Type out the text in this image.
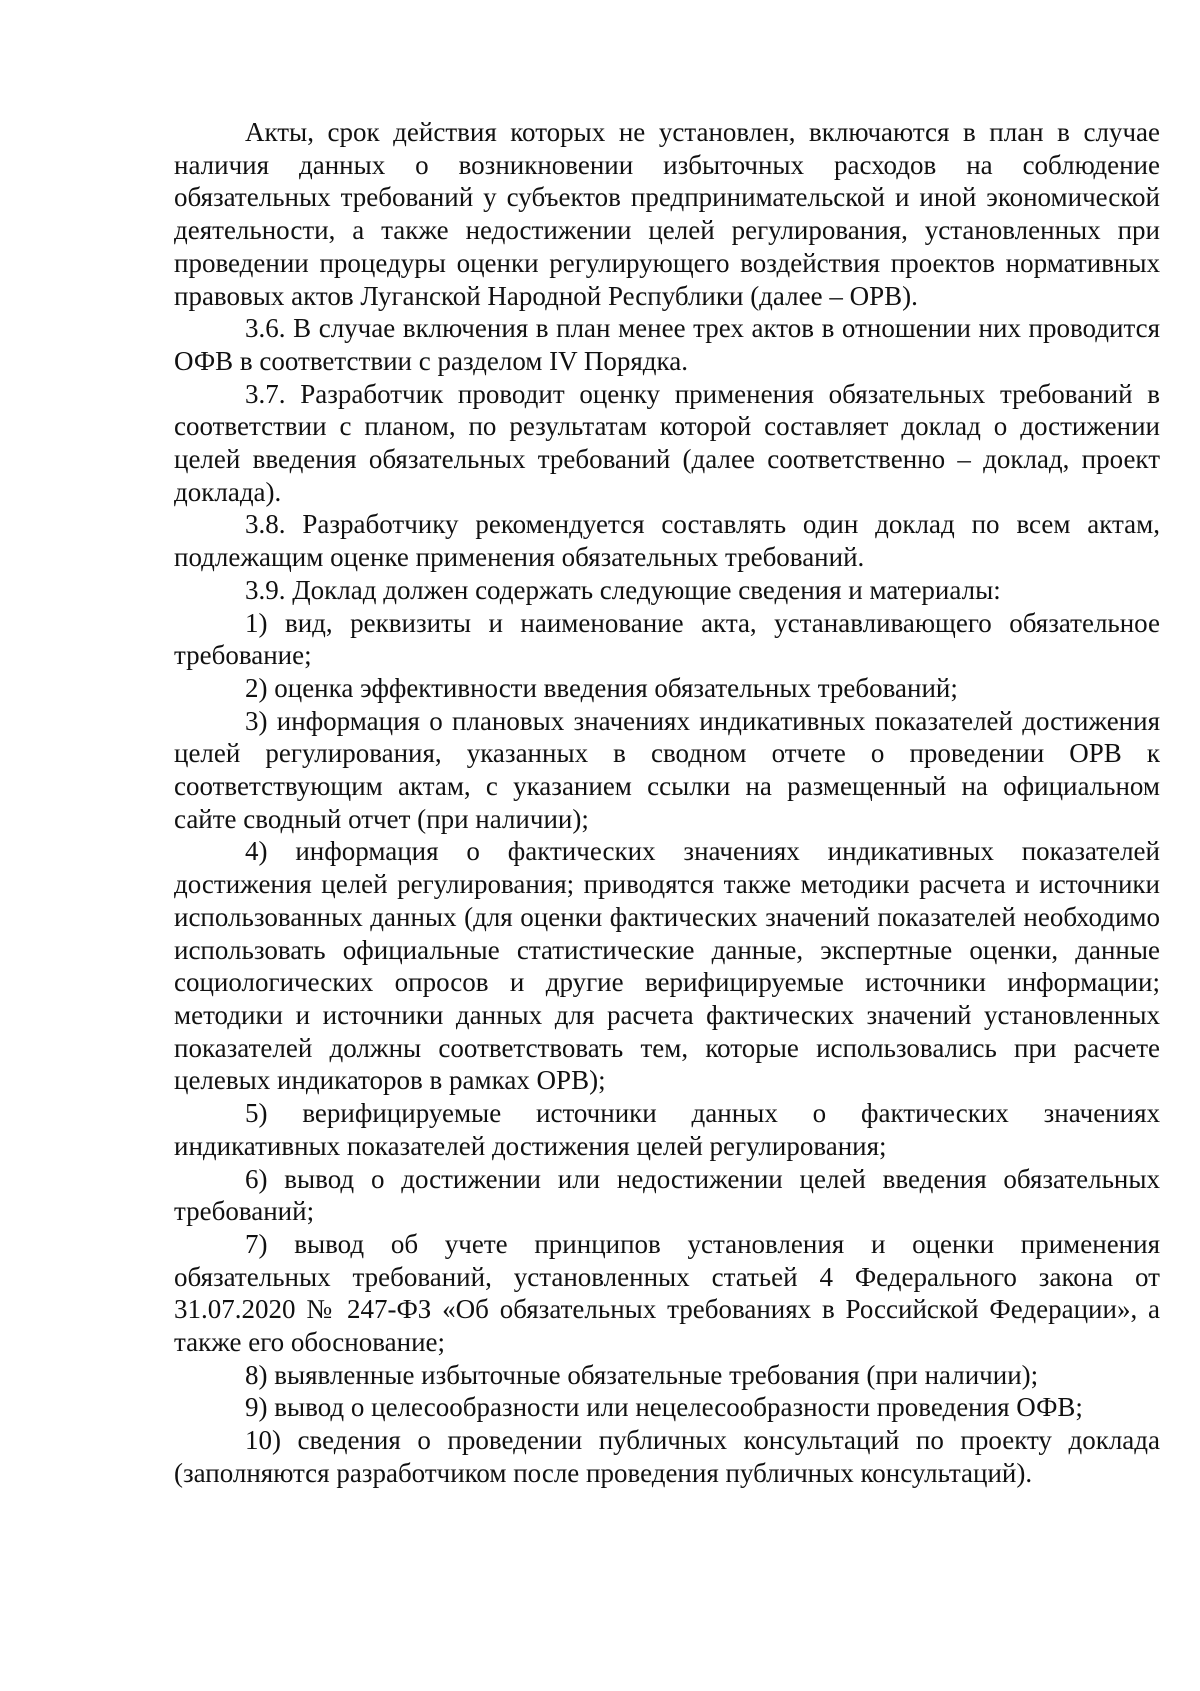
Акты, срок действия которых не установлен, включаются в план в случае наличия данных о возникновении избыточных расходов на соблюдение обязательных требований у субъектов предпринимательской и иной экономической деятельности, а также недостижении целей регулирования, установленных при проведении процедуры оценки регулирующего воздействия проектов нормативных правовых актов Луганской Народной Республики (далее – ОРВ).

3.6. В случае включения в план менее трех актов в отношении них проводится ОФВ в соответствии с разделом IV Порядка.

3.7. Разработчик проводит оценку применения обязательных требований в соответствии с планом, по результатам которой составляет доклад о достижении целей введения обязательных требований (далее соответственно – доклад, проект доклада).

3.8. Разработчику рекомендуется составлять один доклад по всем актам, подлежащим оценке применения обязательных требований.

3.9. Доклад должен содержать следующие сведения и материалы:

1) вид, реквизиты и наименование акта, устанавливающего обязательное требование;

2) оценка эффективности введения обязательных требований;

3) информация о плановых значениях индикативных показателей достижения целей регулирования, указанных в сводном отчете о проведении ОРВ к соответствующим актам, с указанием ссылки на размещенный на официальном сайте сводный отчет (при наличии);

4) информация о фактических значениях индикативных показателей достижения целей регулирования; приводятся также методики расчета и источники использованных данных (для оценки фактических значений показателей необходимо использовать официальные статистические данные, экспертные оценки, данные социологических опросов и другие верифицируемые источники информации; методики и источники данных для расчета фактических значений установленных показателей должны соответствовать тем, которые использовались при расчете целевых индикаторов в рамках ОРВ);

5) верифицируемые источники данных о фактических значениях индикативных показателей достижения целей регулирования;

6) вывод о достижении или недостижении целей введения обязательных требований;

7) вывод об учете принципов установления и оценки применения обязательных требований, установленных статьей 4 Федерального закона от 31.07.2020 № 247-ФЗ «Об обязательных требованиях в Российской Федерации», а также его обоснование;

8) выявленные избыточные обязательные требования (при наличии);

9) вывод о целесообразности или нецелесообразности проведения ОФВ;

10) сведения о проведении публичных консультаций по проекту доклада (заполняются разработчиком после проведения публичных консультаций).
